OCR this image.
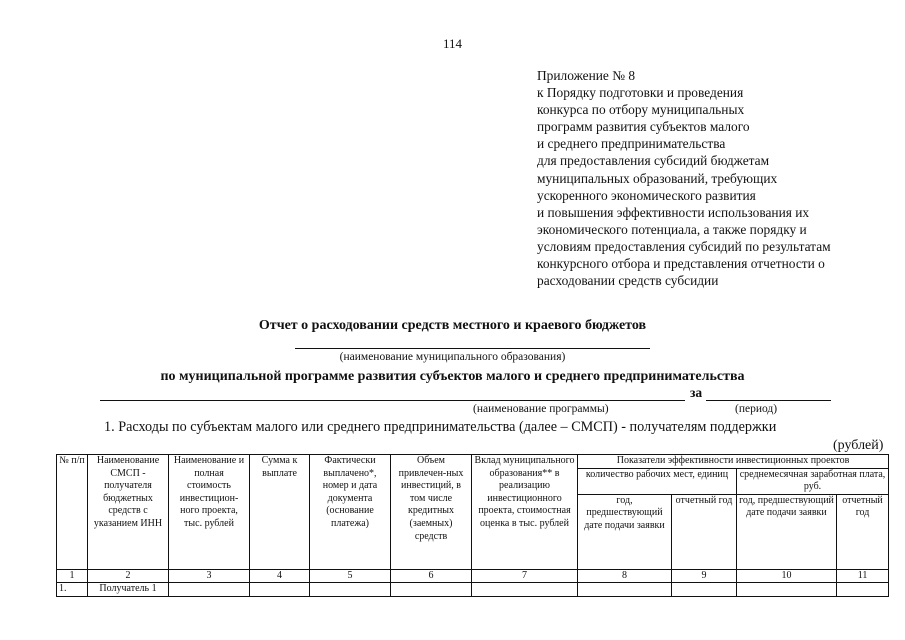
114
Приложение № 8
к Порядку подготовки и проведения
конкурса по отбору муниципальных
программ развития субъектов малого
и среднего предпринимательства
для предоставления субсидий бюджетам
муниципальных образований, требующих
ускоренного экономического развития
и повышения эффективности использования их
экономического потенциала, а также порядку и
условиям предоставления субсидий по результатам
конкурсного отбора и представления отчетности о
расходовании средств субсидии
Отчет о расходовании средств местного и краевого бюджетов
(наименование муниципального образования)
по муниципальной программе развития субъектов малого и среднего предпринимательства
за
(наименование программы)	(период)
1. Расходы по субъектам малого или среднего предпринимательства (далее – СМСП) - получателям поддержки
(рублей)
№ п/п	Наименование СМСП - получателя бюджетных средств с указанием ИНН	Наименование и полная стоимость инвестицион-ного проекта, тыс. рублей	Сумма к выплате	Фактически выплачено*, номер и дата документа (основание платежа)	Объем привлечен-ных инвестиций, в том числе кредитных (заемных) средств	Вклад муниципального образования** в реализацию инвестиционного проекта, стоимостная оценка в тыс. рублей	Показатели эффективности инвестиционных проектов			
							количество рабочих мест, единиц		среднемесячная заработная плата, руб.	
							год, предшествующий дате подачи заявки	отчетный год	год, предшествующий дате подачи заявки	отчетный год
1	2	3	4	5	6	7	8	9	10	11
1.	Получатель 1									
